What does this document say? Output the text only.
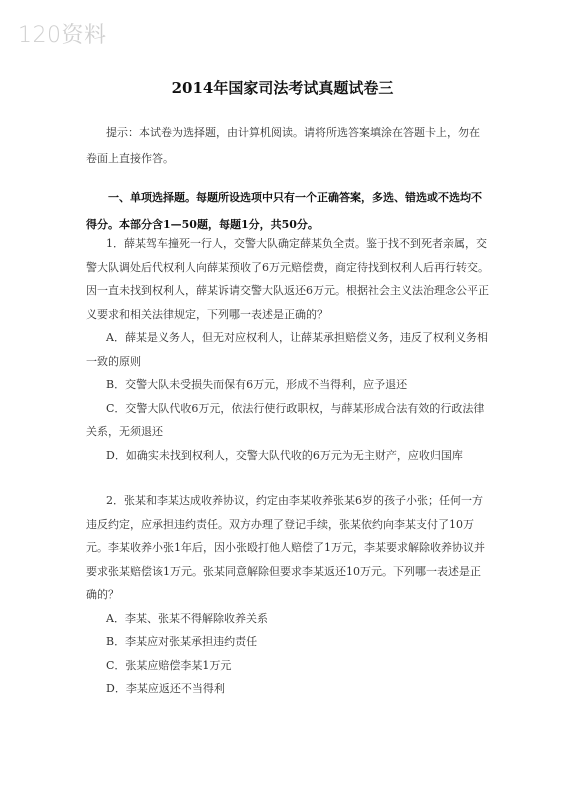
120资料
2014年国家司法考试真题试卷三
提示：本试卷为选择题，由计算机阅读。请将所选答案填涂在答题卡上，勿在卷面上直接作答。
一、单项选择题。每题所设选项中只有一个正确答案，多选、错选或不选均不得分。本部分含1—50题，每题1分，共50分。
1．薛某驾车撞死一行人，交警大队确定薛某负全责。鉴于找不到死者亲属，交警大队调处后代权利人向薛某预收了6万元赔偿费，商定待找到权利人后再行转交。因一直未找到权利人，薛某诉请交警大队返还6万元。根据社会主义法治理念公平正义要求和相关法律规定，下列哪一表述是正确的？
A．薛某是义务人，但无对应权利人，让薛某承担赔偿义务，违反了权利义务相一致的原则
B．交警大队未受损失而保有6万元，形成不当得利，应予退还
C．交警大队代收6万元，依法行使行政职权，与薛某形成合法有效的行政法律关系，无须退还
D．如确实未找到权利人，交警大队代收的6万元为无主财产，应收归国库
2．张某和李某达成收养协议，约定由李某收养张某6岁的孩子小张；任何一方违反约定，应承担违约责任。双方办理了登记手续，张某依约向李某支付了10万元。李某收养小张1年后，因小张殴打他人赔偿了1万元，李某要求解除收养协议并要求张某赔偿该1万元。张某同意解除但要求李某返还10万元。下列哪一表述是正确的？
A．李某、张某不得解除收养关系
B．李某应对张某承担违约责任
C．张某应赔偿李某1万元
D．李某应返还不当得利
